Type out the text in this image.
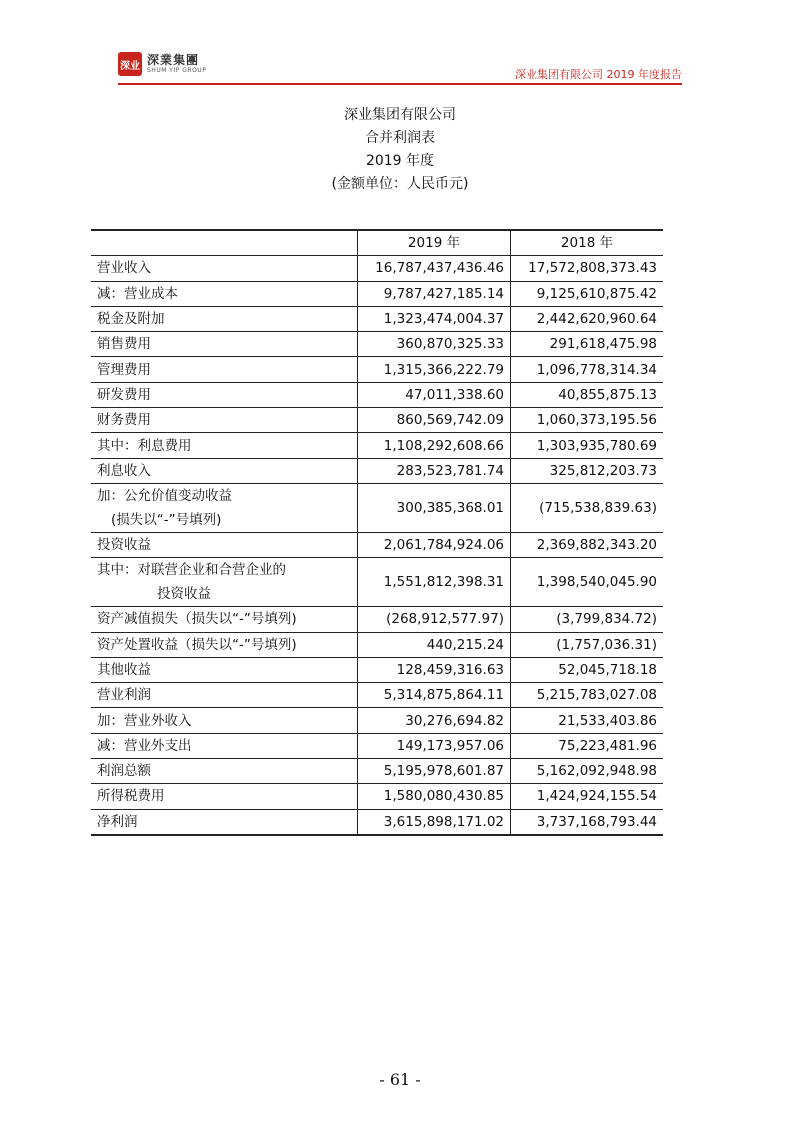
深业 深業集團
SHUM YIP GROUP	深业集团有限公司 2019 年度报告
深业集团有限公司
合并利润表
2019 年度
(金额单位：人民币元)
	2019 年	2018 年
营业收入	16,787,437,436.46	17,572,808,373.43
减：营业成本	9,787,427,185.14	9,125,610,875.42
税金及附加	1,323,474,004.37	2,442,620,960.64
销售费用	360,870,325.33	291,618,475.98
管理费用	1,315,366,222.79	1,096,778,314.34
研发费用	47,011,338.60	40,855,875.13
财务费用	860,569,742.09	1,060,373,195.56
其中：利息费用	1,108,292,608.66	1,303,935,780.69
利息收入	283,523,781.74	325,812,203.73

加：公允价值变动收益
(损失以“-”号填列)	300,385,368.01	(715,538,839.63)
投资收益	2,061,784,924.06	2,369,882,343.20

其中：对联营企业和合营企业的
投资收益	1,551,812,398.31	1,398,540,045.90
资产减值损失（损失以“-”号填列)	(268,912,577.97)	(3,799,834.72)
资产处置收益（损失以“-”号填列)	440,215.24	(1,757,036.31)
其他收益	128,459,316.63	52,045,718.18
营业利润	5,314,875,864.11	5,215,783,027.08
加：营业外收入	30,276,694.82	21,533,403.86
减：营业外支出	149,173,957.06	75,223,481.96
利润总额	5,195,978,601.87	5,162,092,948.98
所得税费用	1,580,080,430.85	1,424,924,155.54
净利润	3,615,898,171.02	3,737,168,793.44
- 61 -
